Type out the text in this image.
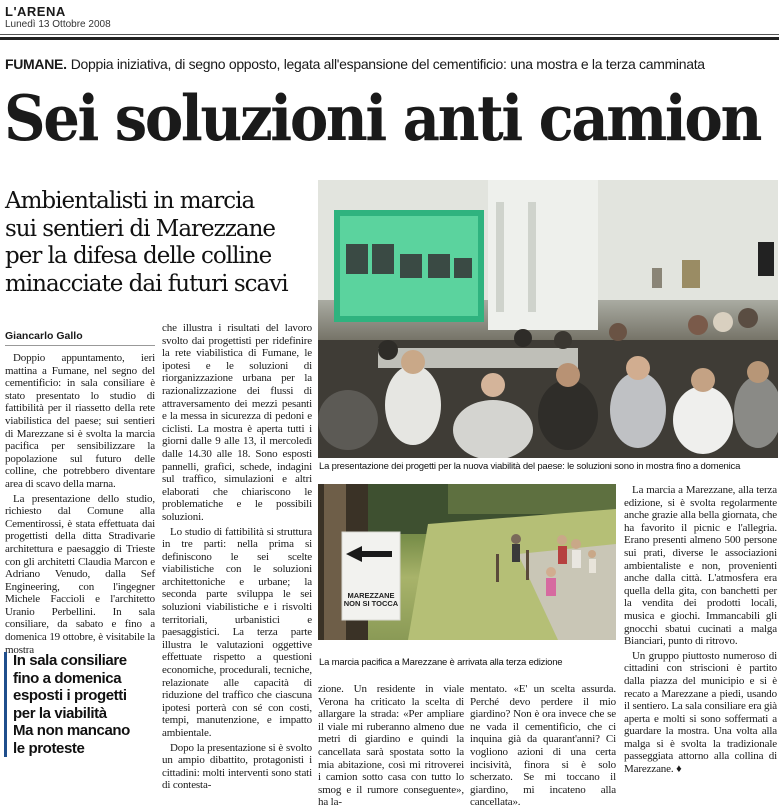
L'ARENA
Lunedì 13 Ottobre 2008
FUMANE. Doppia iniziativa, di segno opposto, legata all'espansione del cementificio: una mostra e la terza camminata
Sei soluzioni anti camion
Ambientalisti in marcia
sui sentieri di Marezzane
per la difesa delle colline
minacciate dai futuri scavi
Giancarlo Gallo

Doppio appuntamento, ieri mattina a Fumane, nel segno del cementificio: in sala consiliare è stato presentato lo studio di fattibilità per il riassetto della rete viabilistica del paese; sui sentieri di Marezzane si è svolta la marcia pacifica per sensibilizzare la popolazione sul futuro delle colline, che potrebbero diventare area di scavo della marna.

La presentazione dello studio, richiesto dal Comune alla Cementirossi, è stata effettuata dai progettisti della ditta Stradivarie architettura e paesaggio di Trieste con gli architetti Claudia Marcon e Adriano Venudo, dalla Sef Engineering, con l'ingegner Michele Faccioli e l'architetto Uranio Perbellini. In sala consiliare, da sabato e fino a domenica 19 ottobre, è visitabile la mostra

che illustra i risultati del lavoro svolto dai progettisti per ridefinire la rete viabilistica di Fumane, le ipotesi e le soluzioni di riorganizzazione urbana per la razionalizzazione dei flussi di attraversamento dei mezzi pesanti e la messa in sicurezza di pedoni e ciclisti. La mostra è aperta tutti i giorni dalle 9 alle 13, il mercoledì dalle 14.30 alle 18. Sono esposti pannelli, grafici, schede, indagini sul traffico, simulazioni e altri elaborati che chiariscono le problematiche e le possibili soluzioni.

Lo studio di fattibilità si struttura in tre parti: nella prima si definiscono le sei scelte viabilistiche con le soluzioni architettoniche e urbane; la seconda parte sviluppa le sei soluzioni viabilistiche e i risvolti territoriali, urbanistici e paesaggistici. La terza parte illustra le valutazioni oggettive effettuate rispetto a questioni economiche, procedurali, tecniche, relazionate alle capacità di riduzione del traffico che ciascuna ipotesi porterà con sé con costi, tempi, manutenzione, e impatto ambientale.

Dopo la presentazione si è svolto un ampio dibattito, protagonisti i cittadini: molti interventi sono stati di contesta-

zione. Un residente in viale Verona ha criticato la scelta di allargare la strada: «Per ampliare il viale mi ruberanno almeno due metri di giardino e quindi la cancellata sarà spostata sotto la mia abitazione, così mi ritroverei i camion sotto casa con tutto lo smog e il rumore conseguente», ha la-

mentato. «E' un scelta assurda. Perché devo perdere il mio giardino? Non è ora invece che se ne vada il cementificio, che ci inquina già da quarant'anni? Ci vogliono azioni di una certa incisività, finora si è solo scherzato. Se mi toccano il giardino, mi incateno alla cancellata».

La marcia a Marezzane, alla terza edizione, si è svolta regolarmente anche grazie alla bella giornata, che ha favorito il picnic e l'allegria. Erano presenti almeno 500 persone sui prati, diverse le associazioni ambientaliste e non, provenienti anche dalla città. L'atmosfera era quella della gita, con banchetti per la vendita dei prodotti locali, musica e giochi. Immancabili gli gnocchi sbatui cucinati a malga Bianciari, punto di ritrovo.

Un gruppo piuttosto numeroso di cittadini con striscioni è partito dalla piazza del municipio e si è recato a Marezzane a piedi, usando il sentiero. La sala consiliare era già aperta e molti si sono soffermati a guardare la mostra. Una volta alla malga si è svolta la tradizionale passeggiata attorno alla collina di Marezzane. ♦

La presentazione dei progetti per la nuova viabilità del paese: le soluzioni sono in mostra fino a domenica
MAREZZANE NON SI TOCCA
La marcia pacifica a Marezzane è arrivata alla terza edizione
In sala consiliare
fino a domenica
esposti i progetti
per la viabilità
Ma non mancano
le proteste
